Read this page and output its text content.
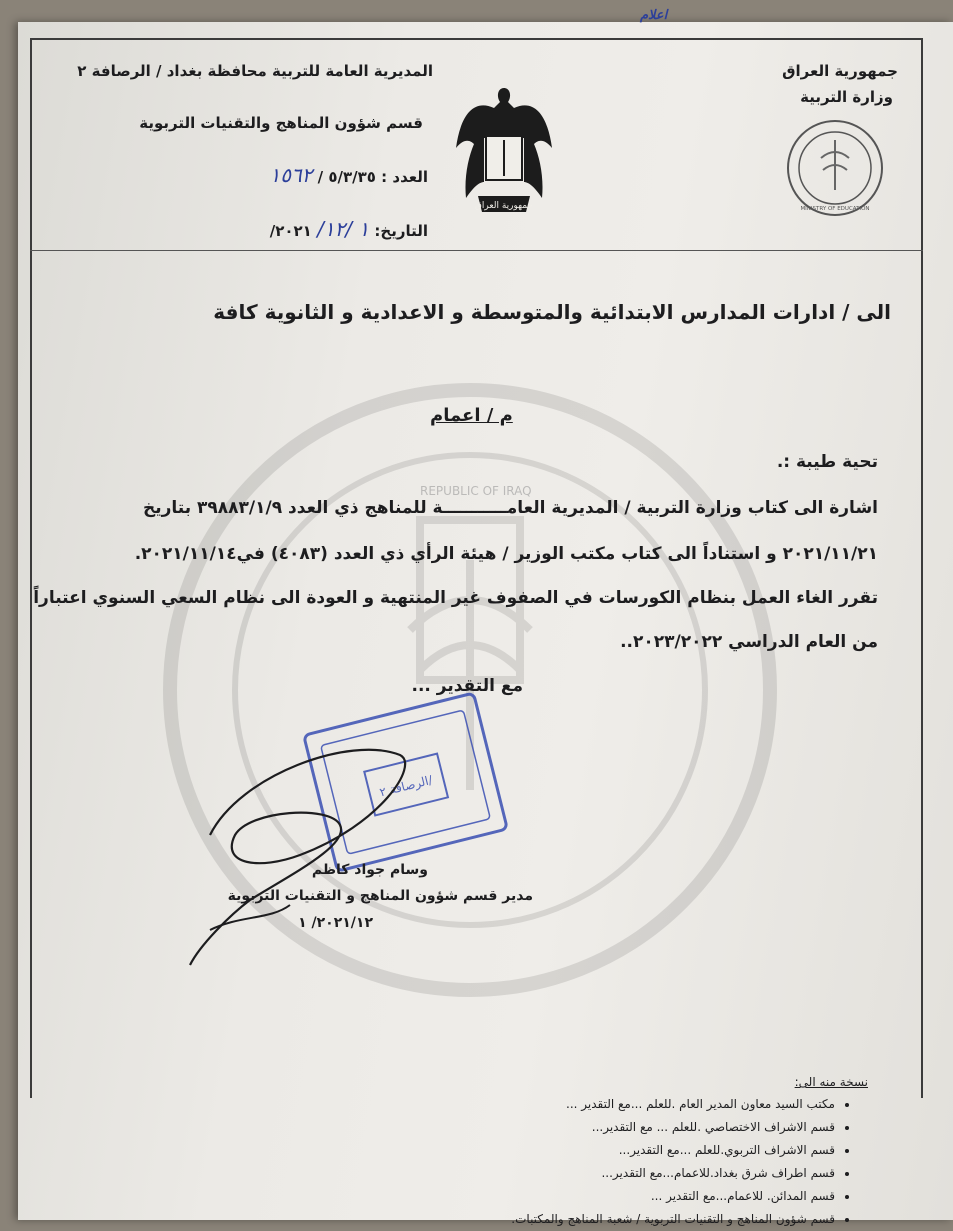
اعلام
جمهورية العراق
وزارة التربية
المديرية العامة للتربية محافظة بغداد / الرصافة ٢
قسم شؤون المناهج والتقنيات التربوية
العدد : ٥/٣/٣٥ / ١٥٦٢
التاريخ: ١ /١٢/ ٢٠٢١/
جمهورية العراق	MINISTRY OF EDUCATION
الى / ادارات المدارس الابتدائية والمتوسطة و الاعدادية و الثانوية كافة
م / اعمام
تحية طيبة :.
اشارة الى كتاب وزارة التربية / المديرية العامـــــــــــة للمناهج ذي العدد ٣٩٨٨٣/١/٩ بتاريخ
٢٠٢١/١١/٢١ و استناداً الى كتاب مكتب الوزير / هيئة الرأي ذي العدد (٤٠٨٣) في٢٠٢١/١١/١٤.
تقرر الغاء العمل بنظام الكورسات في الصفوف غير المنتهية و العودة الى نظام السعي السنوي اعتباراً
من العام الدراسي ٢٠٢٣/٢٠٢٢..
مع التقدير ...
الرصافة ٢/
وسام جواد كاظم
مدير قسم شؤون المناهج و التقنيات التربوية
٢٠٢١/١٢/ ١
نسخة منه الى:
• مكتب السيد معاون المدير العام .للعلم ...مع التقدير ...
• قسم الاشراف الاختصاصي .للعلم ... مع التقدير...
• قسم الاشراف التربوي.للعلم ...مع التقدير...
• قسم اطراف شرق بغداد.للاعمام...مع التقدير...
• قسم المدائن. للاعمام...مع التقدير ...
• قسم شؤون المناهج و التقنيات التربوية / شعبة المناهج والمكتبات.
REPUBLIC OF IRAQ
